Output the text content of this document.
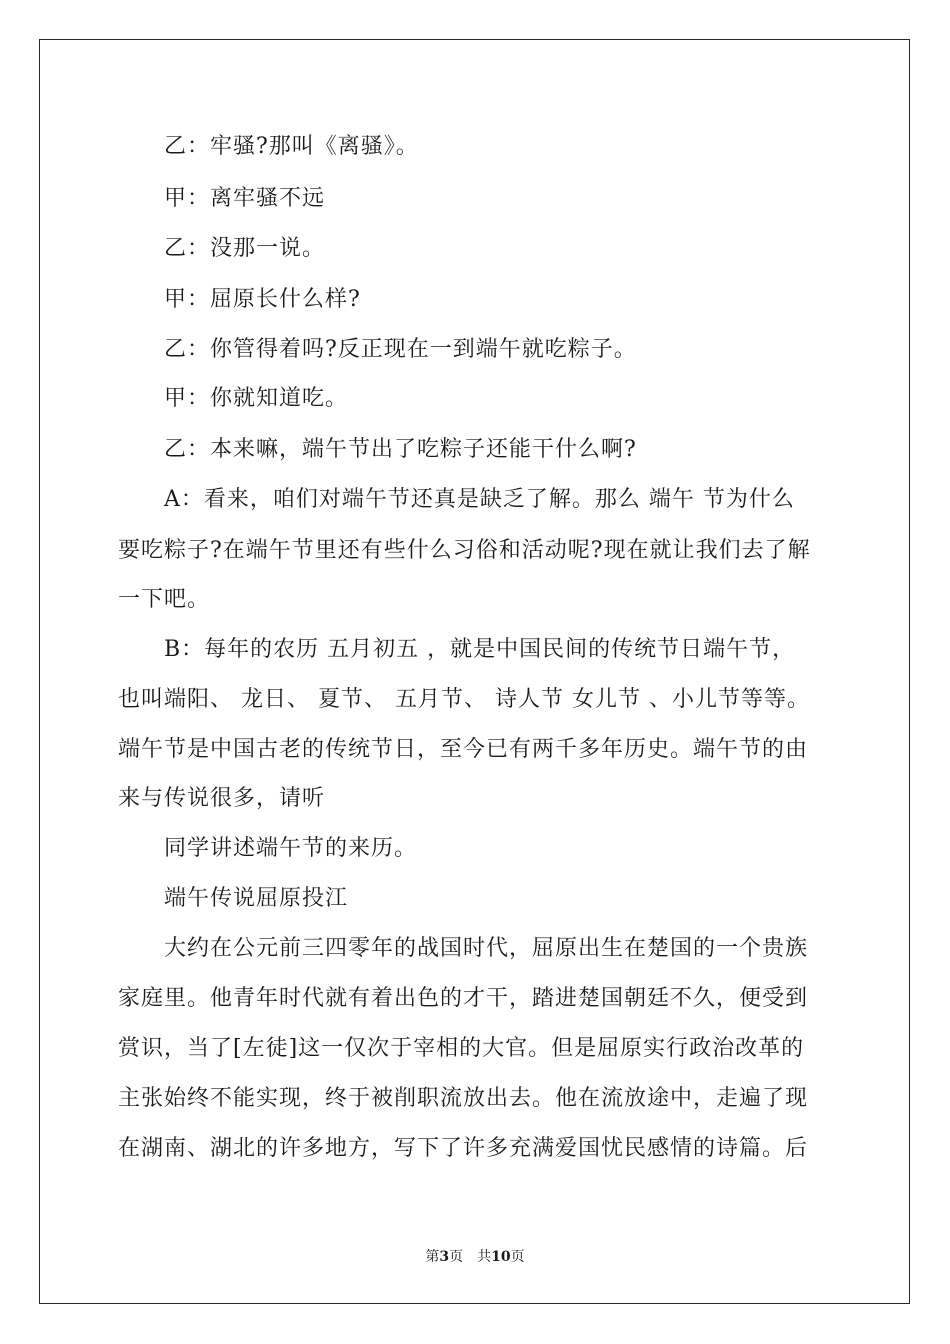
乙：牢骚?那叫《离骚》。
甲：离牢骚不远
乙：没那一说。
甲：屈原长什么样?
乙：你管得着吗?反正现在一到端午就吃粽子。
甲：你就知道吃。
乙：本来嘛，端午节出了吃粽子还能干什么啊?
A：看来，咱们对端午节还真是缺乏了解。那么 端午 节为什么
要吃粽子?在端午节里还有些什么习俗和活动呢?现在就让我们去了解
一下吧。
B：每年的农历 五月初五 ，就是中国民间的传统节日端午节，
也叫端阳、 龙日、 夏节、 五月节、 诗人节 女儿节 、小儿节等等。
端午节是中国古老的传统节日，至今已有两千多年历史。端午节的由
来与传说很多，请听
同学讲述端午节的来历。
端午传说屈原投江
大约在公元前三四零年的战国时代，屈原出生在楚国的一个贵族
家庭里。他青年时代就有着出色的才干，踏进楚国朝廷不久，便受到
赏识，当了[左徒]这一仅次于宰相的大官。但是屈原实行政治改革的
主张始终不能实现，终于被削职流放出去。他在流放途中，走遍了现
在湖南、湖北的许多地方，写下了许多充满爱国忧民感情的诗篇。后
第3页 共10页
